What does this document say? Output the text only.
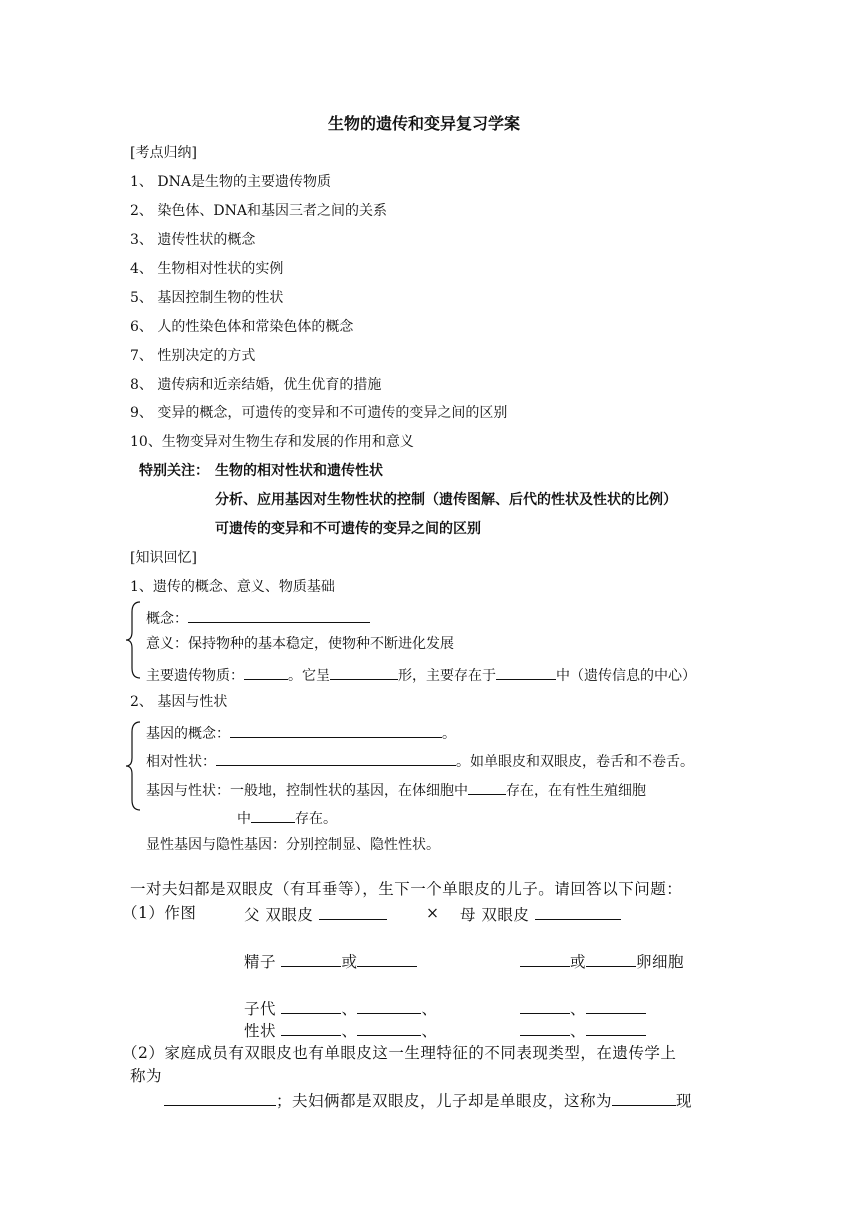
生物的遗传和变异复习学案
[考点归纳]
1、 DNA是生物的主要遗传物质
2、 染色体、DNA和基因三者之间的关系
3、 遗传性状的概念
4、 生物相对性状的实例
5、 基因控制生物的性状
6、 人的性染色体和常染色体的概念
7、 性别决定的方式
8、 遗传病和近亲结婚，优生优育的措施
9、 变异的概念，可遗传的变异和不可遗传的变异之间的区别
10、生物变异对生物生存和发展的作用和意义
特别关注： 生物的相对性状和遗传性状
分析、应用基因对生物性状的控制（遗传图解、后代的性状及性状的比例）
可遗传的变异和不可遗传的变异之间的区别
[知识回忆]
1、遗传的概念、意义、物质基础
概念：
意义：保持物种的基本稳定，使物种不断进化发展
主要遗传物质：	。它呈	形，主要存在于	中（遗传信息的中心）
2、 基因与性状
基因的概念：	。
相对性状：	。如单眼皮和双眼皮，卷舌和不卷舌。
基因与性状：一般地，控制性状的基因，在体细胞中	存在，在有性生殖细胞
中	存在。
显性基因与隐性基因：分别控制显、隐性性状。
一对夫妇都是双眼皮（有耳垂等），生下一个单眼皮的儿子。请回答以下问题：
（1）作图	父 双眼皮	× 母 双眼皮
精子	或	或	卵细胞
子代	、	、	、
性状	、	、	、
（2）家庭成员有双眼皮也有单眼皮这一生理特征的不同表现类型，在遗传学上
称为
；夫妇俩都是双眼皮，儿子却是单眼皮，这称为	现
